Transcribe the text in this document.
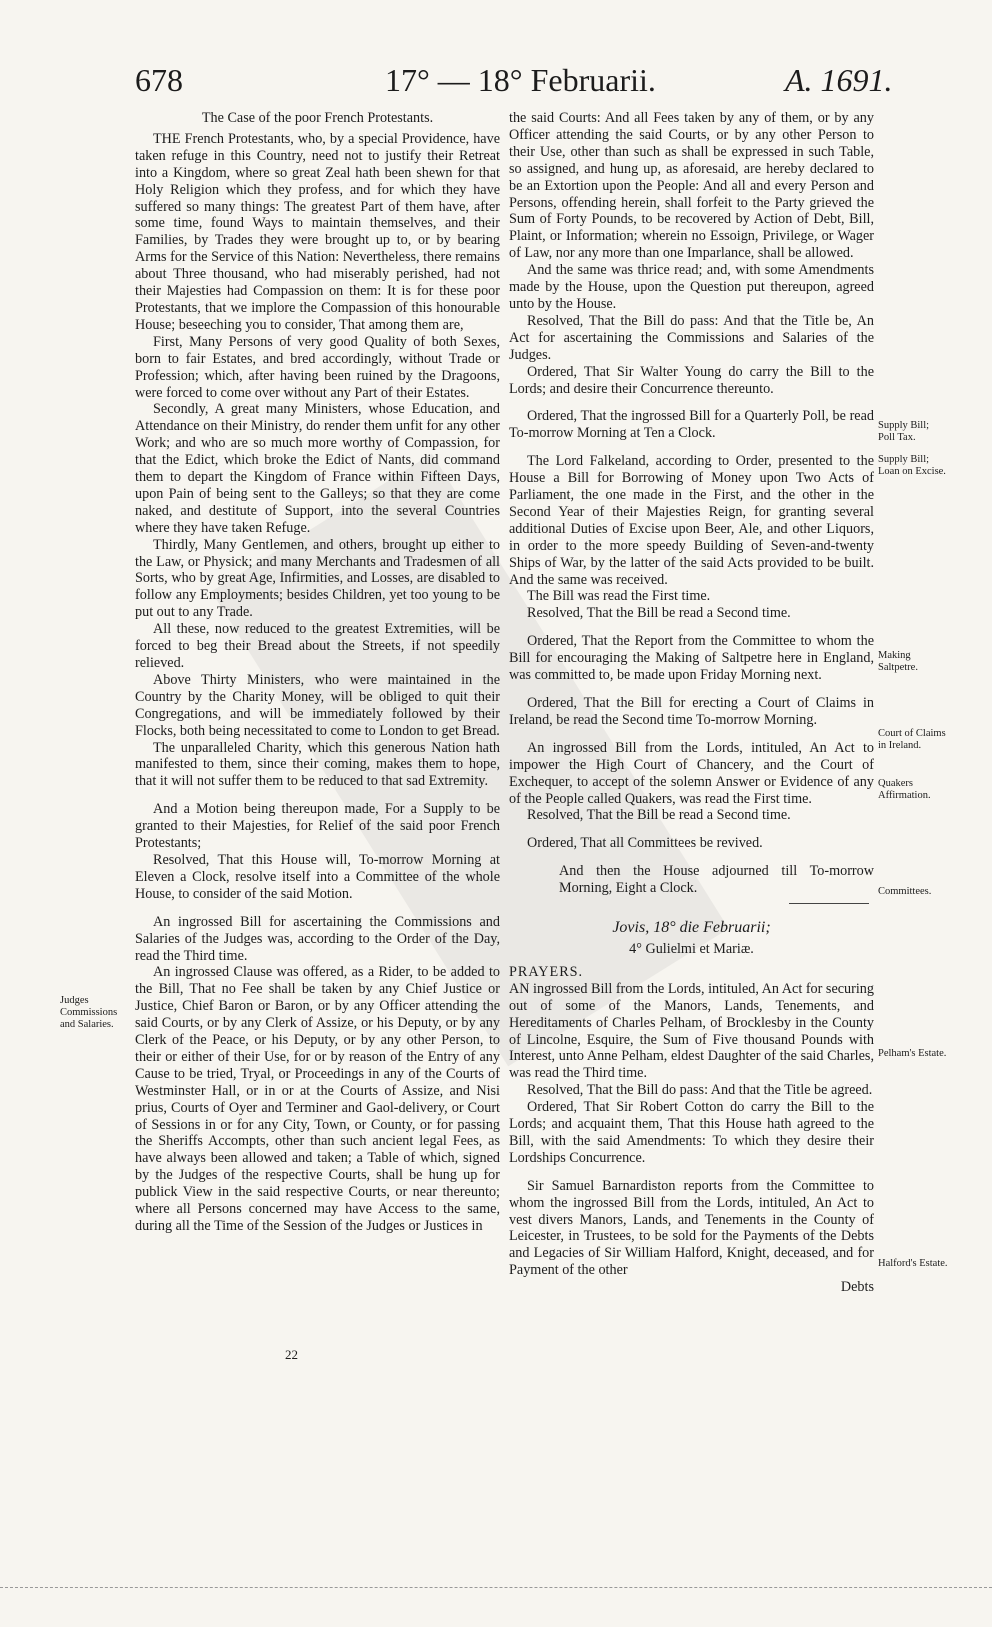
678	17° — 18° Februarii.	A. 1691.
The Case of the poor French Protestants.

THE French Protestants, who, by a special Providence, have taken refuge in this Country, need not to justify their Retreat into a Kingdom, where so great Zeal hath been shewn for that Holy Religion which they profess, and for which they have suffered so many things: The greatest Part of them have, after some time, found Ways to maintain themselves, and their Families, by Trades they were brought up to, or by bearing Arms for the Service of this Nation: Nevertheless, there remains about Three thousand, who had miserably perished, had not their Majesties had Compassion on them: It is for these poor Protestants, that we implore the Compassion of this honourable House; beseeching you to consider, That among them are,

First, Many Persons of very good Quality of both Sexes, born to fair Estates, and bred accordingly, without Trade or Profession; which, after having been ruined by the Dragoons, were forced to come over without any Part of their Estates.

Secondly, A great many Ministers, whose Education, and Attendance on their Ministry, do render them unfit for any other Work; and who are so much more worthy of Compassion, for that the Edict, which broke the Edict of Nants, did command them to depart the Kingdom of France within Fifteen Days, upon Pain of being sent to the Galleys; so that they are come naked, and destitute of Support, into the several Countries where they have taken Refuge.

Thirdly, Many Gentlemen, and others, brought up either to the Law, or Physick; and many Merchants and Tradesmen of all Sorts, who by great Age, Infirmities, and Losses, are disabled to follow any Employments; besides Children, yet too young to be put out to any Trade.

All these, now reduced to the greatest Extremities, will be forced to beg their Bread about the Streets, if not speedily relieved.

Above Thirty Ministers, who were maintained in the Country by the Charity Money, will be obliged to quit their Congregations, and will be immediately followed by their Flocks, both being necessitated to come to London to get Bread.

The unparalleled Charity, which this generous Nation hath manifested to them, since their coming, makes them to hope, that it will not suffer them to be reduced to that sad Extremity.

And a Motion being thereupon made, For a Supply to be granted to their Majesties, for Relief of the said poor French Protestants;

Resolved, That this House will, To-morrow Morning at Eleven a Clock, resolve itself into a Committee of the whole House, to consider of the said Motion.

An ingrossed Bill for ascertaining the Commissions and Salaries of the Judges was, according to the Order of the Day, read the Third time.

An ingrossed Clause was offered, as a Rider, to be added to the Bill, That no Fee shall be taken by any Chief Justice or Justice, Chief Baron or Baron, or by any Officer attending the said Courts, or by any Clerk of Assize, or his Deputy, or by any Clerk of the Peace, or his Deputy, or by any other Person, to their or either of their Use, for or by reason of the Entry of any Cause to be tried, Tryal, or Proceedings in any of the Courts of Westminster Hall, or in or at the Courts of Assize, and Nisi prius, Courts of Oyer and Terminer and Gaol-delivery, or Court of Sessions in or for any City, Town, or County, or for passing the Sheriffs Accompts, other than such ancient legal Fees, as have always been allowed and taken; a Table of which, signed by the Judges of the respective Courts, shall be hung up for publick View in the said respective Courts, or near thereunto; where all Persons concerned may have Access to the same, during all the Time of the Session of the Judges or Justices in

Judges Commissions and Salaries.

the said Courts: And all Fees taken by any of them, or by any Officer attending the said Courts, or by any other Person to their Use, other than such as shall be expressed in such Table, so assigned, and hung up, as aforesaid, are hereby declared to be an Extortion upon the People: And all and every Person and Persons, offending herein, shall forfeit to the Party grieved the Sum of Forty Pounds, to be recovered by Action of Debt, Bill, Plaint, or Information; wherein no Essoign, Privilege, or Wager of Law, nor any more than one Imparlance, shall be allowed.

And the same was thrice read; and, with some Amendments made by the House, upon the Question put thereupon, agreed unto by the House.

Resolved, That the Bill do pass: And that the Title be, An Act for ascertaining the Commissions and Salaries of the Judges.

Ordered, That Sir Walter Young do carry the Bill to the Lords; and desire their Concurrence thereunto.

Ordered, That the ingrossed Bill for a Quarterly Poll, be read To-morrow Morning at Ten a Clock.

The Lord Falkeland, according to Order, presented to the House a Bill for Borrowing of Money upon Two Acts of Parliament, the one made in the First, and the other in the Second Year of their Majesties Reign, for granting several additional Duties of Excise upon Beer, Ale, and other Liquors, in order to the more speedy Building of Seven-and-twenty Ships of War, by the latter of the said Acts provided to be built. And the same was received.

The Bill was read the First time.

Resolved, That the Bill be read a Second time.

Ordered, That the Report from the Committee to whom the Bill for encouraging the Making of Saltpetre here in England, was committed to, be made upon Friday Morning next.

Ordered, That the Bill for erecting a Court of Claims in Ireland, be read the Second time To-morrow Morning.

An ingrossed Bill from the Lords, intituled, An Act to impower the High Court of Chancery, and the Court of Exchequer, to accept of the solemn Answer or Evidence of any of the People called Quakers, was read the First time.

Resolved, That the Bill be read a Second time.

Ordered, That all Committees be revived.

And then the House adjourned till To-morrow Morning, Eight a Clock.

Jovis, 18° die Februarii;

4° Gulielmi et Mariæ.

PRAYERS.

AN ingrossed Bill from the Lords, intituled, An Act for securing out of some of the Manors, Lands, Tenements, and Hereditaments of Charles Pelham, of Brocklesby in the County of Lincolne, Esquire, the Sum of Five thousand Pounds with Interest, unto Anne Pelham, eldest Daughter of the said Charles, was read the Third time.

Resolved, That the Bill do pass: And that the Title be agreed.

Ordered, That Sir Robert Cotton do carry the Bill to the Lords; and acquaint them, That this House hath agreed to the Bill, with the said Amendments: To which they desire their Lordships Concurrence.

Sir Samuel Barnardiston reports from the Committee to whom the ingrossed Bill from the Lords, intituled, An Act to vest divers Manors, Lands, and Tenements in the County of Leicester, in Trustees, to be sold for the Payments of the Debts and Legacies of Sir William Halford, Knight, deceased, and for Payment of the other

Debts

Supply Bill; Poll Tax.
Supply Bill; Loan on Excise.
Making Saltpetre.
Court of Claims in Ireland.
Quakers Affirmation.
Committees.
Pelham's Estate.
Halford's Estate.
22
